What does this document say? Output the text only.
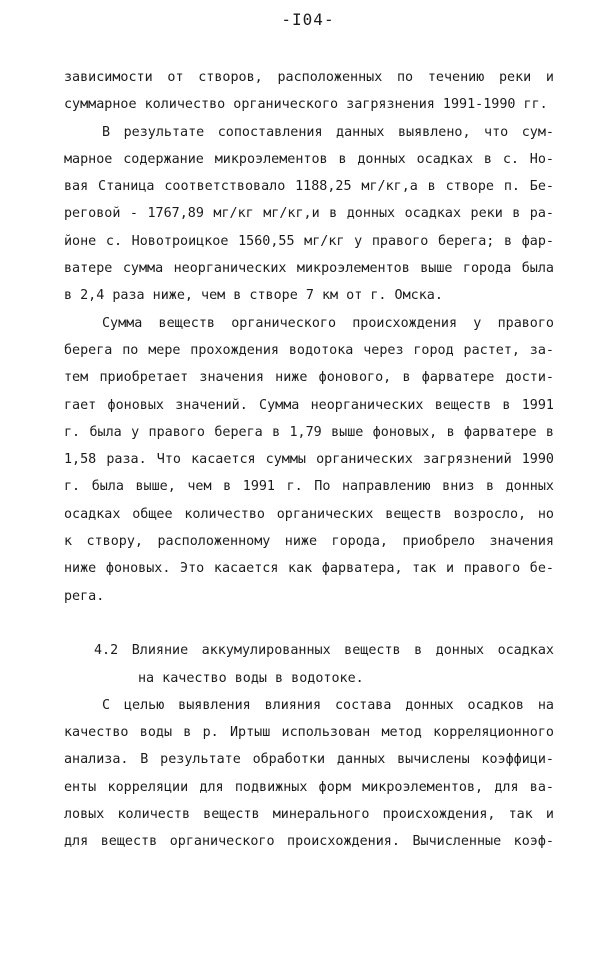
-I04-
зависимости от створов, расположенных по течению реки и
суммарное количество органического загрязнения 1991-1990 гг.
В результате сопоставления данных выявлено, что сум-
марное содержание микроэлементов в донных осадках в с. Но-
вая Станица соответствовало 1188,25 мг/кг,а в створе п. Бе-
реговой - 1767,89 мг/кг мг/кг,и в донных осадках реки в ра-
йоне с. Новотроицкое 1560,55 мг/кг у правого берега; в фар-
ватере сумма неорганических микроэлементов выше города была
в 2,4 раза ниже, чем в створе 7 км от г. Омска.
Сумма веществ органического происхождения у правого
берега по мере прохождения водотока через город растет, за-
тем приобретает значения ниже фонового, в фарватере дости-
гает фоновых значений. Сумма неорганических веществ в 1991
г. была у правого берега в 1,79 выше фоновых, в фарватере в
1,58 раза. Что касается суммы органических загрязнений 1990
г. была выше, чем в 1991 г. По направлению вниз в донных
осадках общее количество органических веществ возросло, но
к створу, расположенному ниже города, приобрело значения
ниже фоновых. Это касается как фарватера, так и правого бе-
рега.
4.2 Влияние аккумулированных веществ в донных осадках
на качество воды в водотоке.
С целью выявления влияния состава донных осадков на
качество воды в р. Иртыш использован метод корреляционного
анализа. В результате обработки данных вычислены коэффици-
енты корреляции для подвижных форм микроэлементов, для ва-
ловых количеств веществ минерального происхождения, так и
для веществ органического происхождения. Вычисленные коэф-
